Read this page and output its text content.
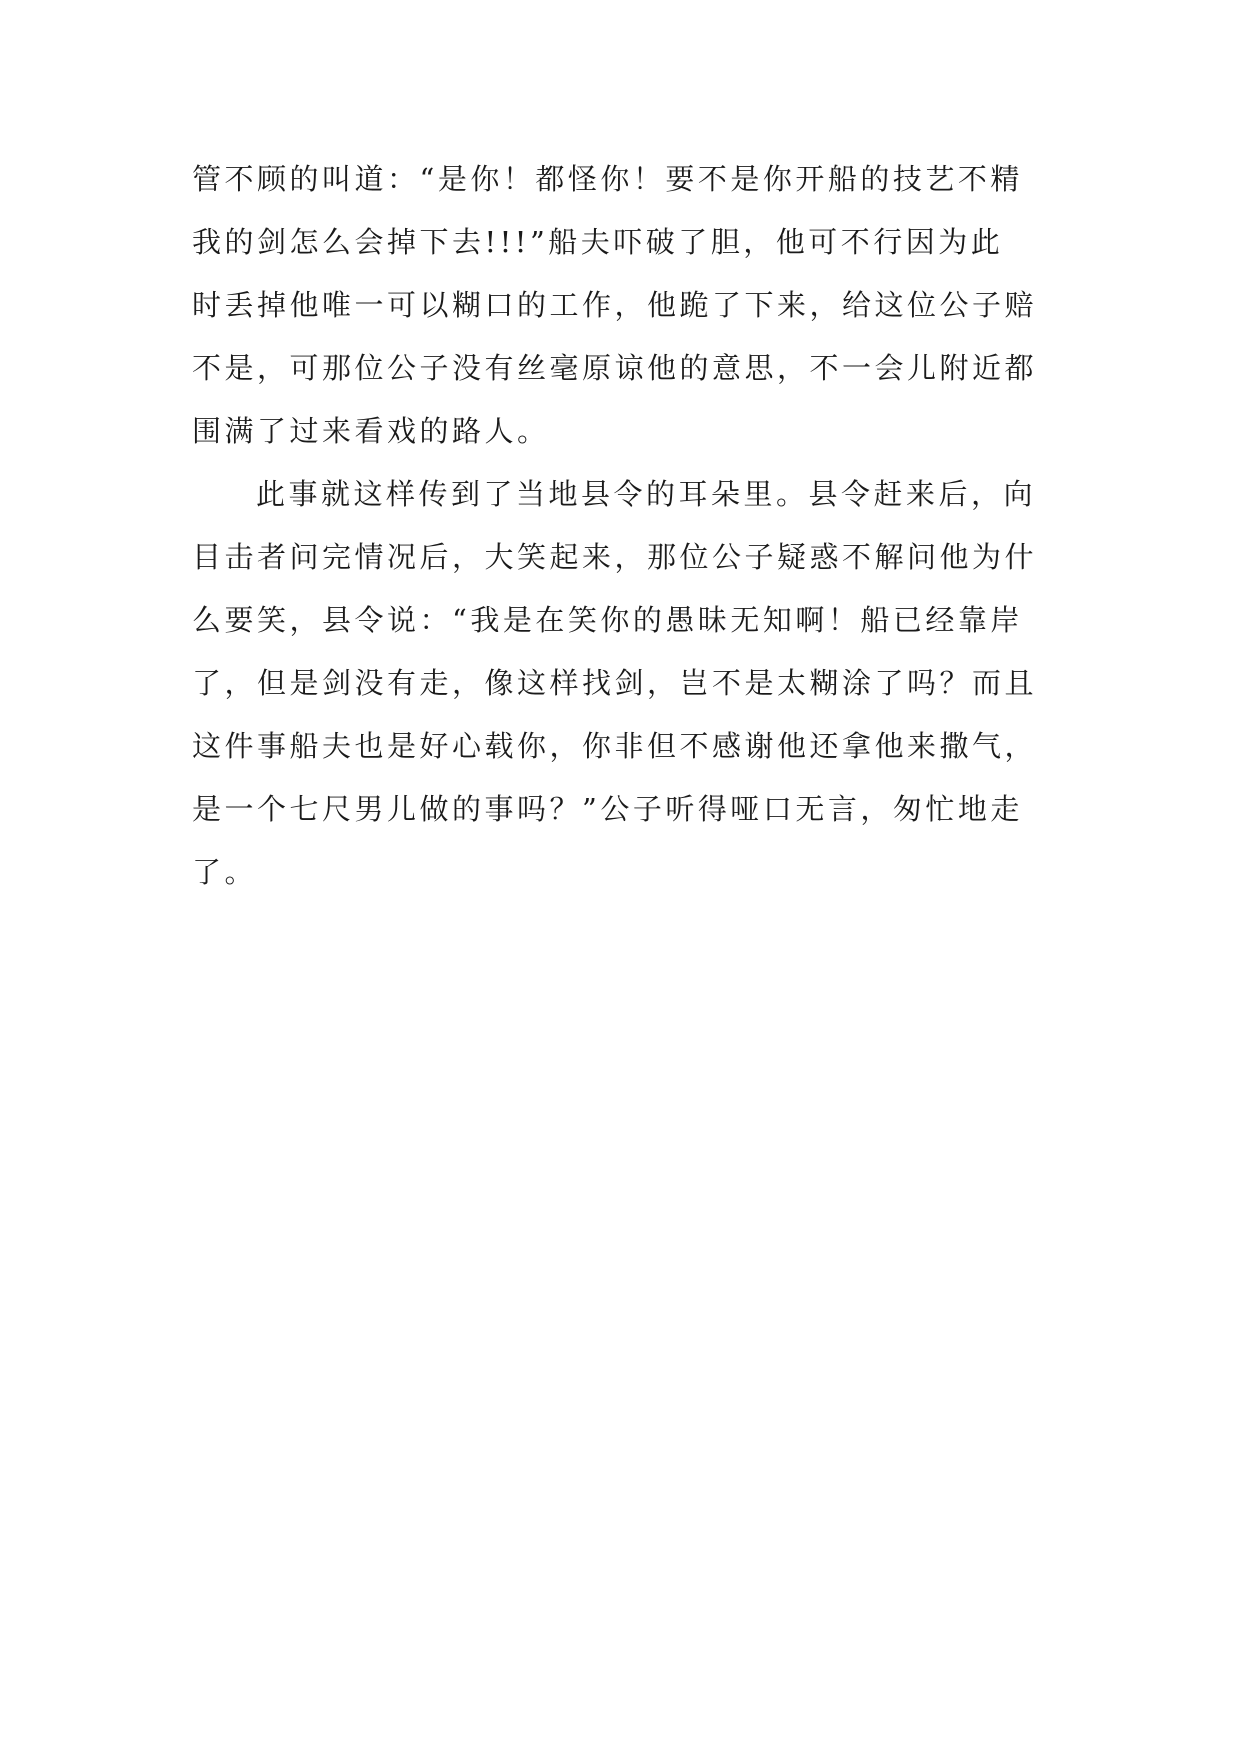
管不顾的叫道：“是你！都怪你！要不是你开船的技艺不精
我的剑怎么会掉下去!!!”船夫吓破了胆，他可不行因为此
时丢掉他唯一可以糊口的工作，他跪了下来，给这位公子赔
不是，可那位公子没有丝毫原谅他的意思，不一会儿附近都
围满了过来看戏的路人。
此事就这样传到了当地县令的耳朵里。县令赶来后，向
目击者问完情况后，大笑起来，那位公子疑惑不解问他为什
么要笑，县令说：“我是在笑你的愚昧无知啊！船已经靠岸
了，但是剑没有走，像这样找剑，岂不是太糊涂了吗？而且
这件事船夫也是好心载你，你非但不感谢他还拿他来撒气，
是一个七尺男儿做的事吗？”公子听得哑口无言，匆忙地走
了。
